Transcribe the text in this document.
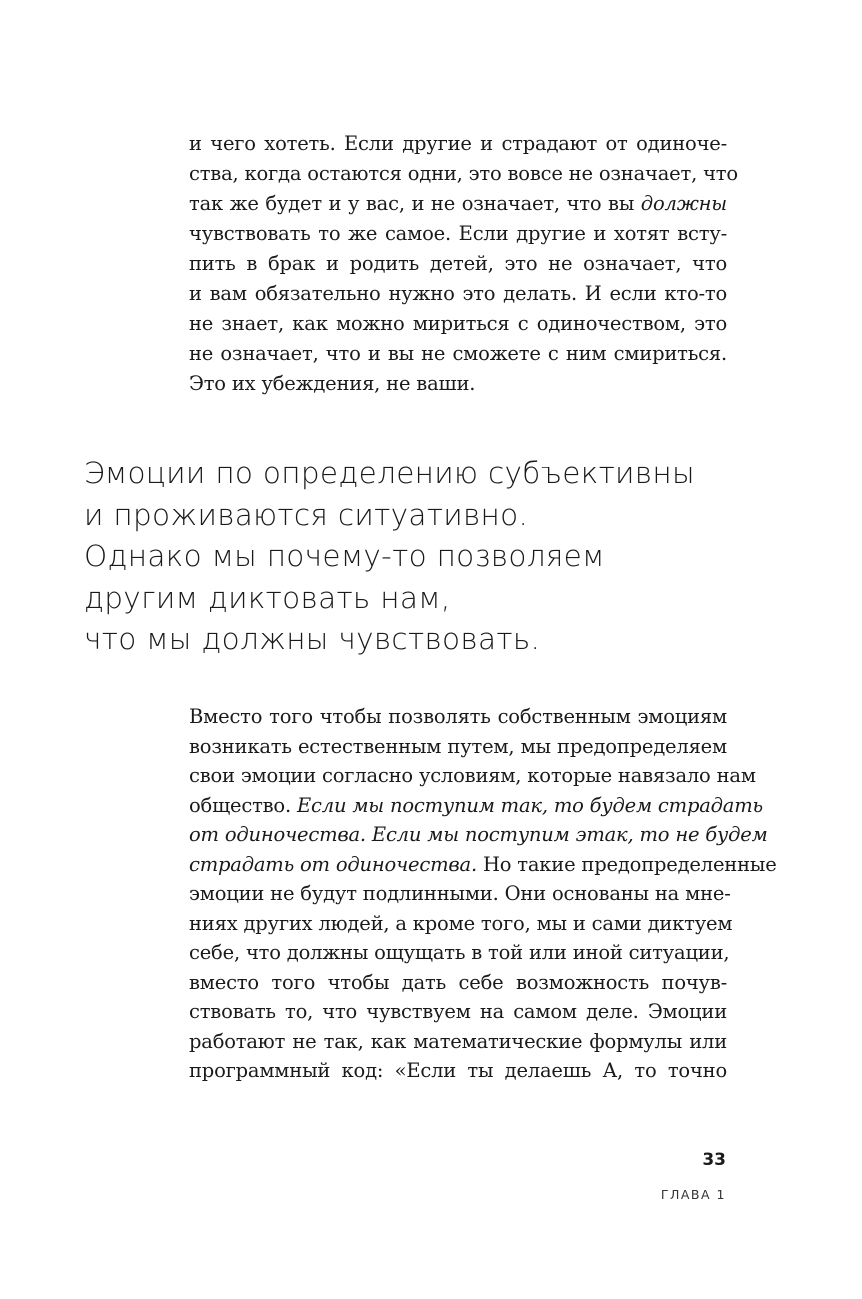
и чего хотеть. Если другие и страдают от одиноче-
ства, когда остаются одни, это вовсе не означает, что
так же будет и у вас, и не означает, что вы должны
чувствовать то же самое. Если другие и хотят всту-
пить в брак и родить детей, это не означает, что
и вам обязательно нужно это делать. И если кто-то
не знает, как можно мириться с одиночеством, это
не означает, что и вы не сможете с ним смириться.
Это их убеждения, не ваши.
Эмоции по определению субъективны
и проживаются ситуативно.
Однако мы почему-то позволяем
другим диктовать нам,
что мы должны чувствовать.
Вместо того чтобы позволять собственным эмоциям
возникать естественным путем, мы предопределяем
свои эмоции согласно условиям, которые навязало нам
общество. Если мы поступим так, то будем страдать
от одиночества. Если мы поступим этак, то не будем
страдать от одиночества. Но такие предопределенные
эмоции не будут подлинными. Они основаны на мне-
ниях других людей, а кроме того, мы и сами диктуем
себе, что должны ощущать в той или иной ситуации,
вместо того чтобы дать себе возможность почув-
ствовать то, что чувствуем на самом деле. Эмоции
работают не так, как математические формулы или
программный код: «Если ты делаешь А, то точно
33
ГЛАВА 1
